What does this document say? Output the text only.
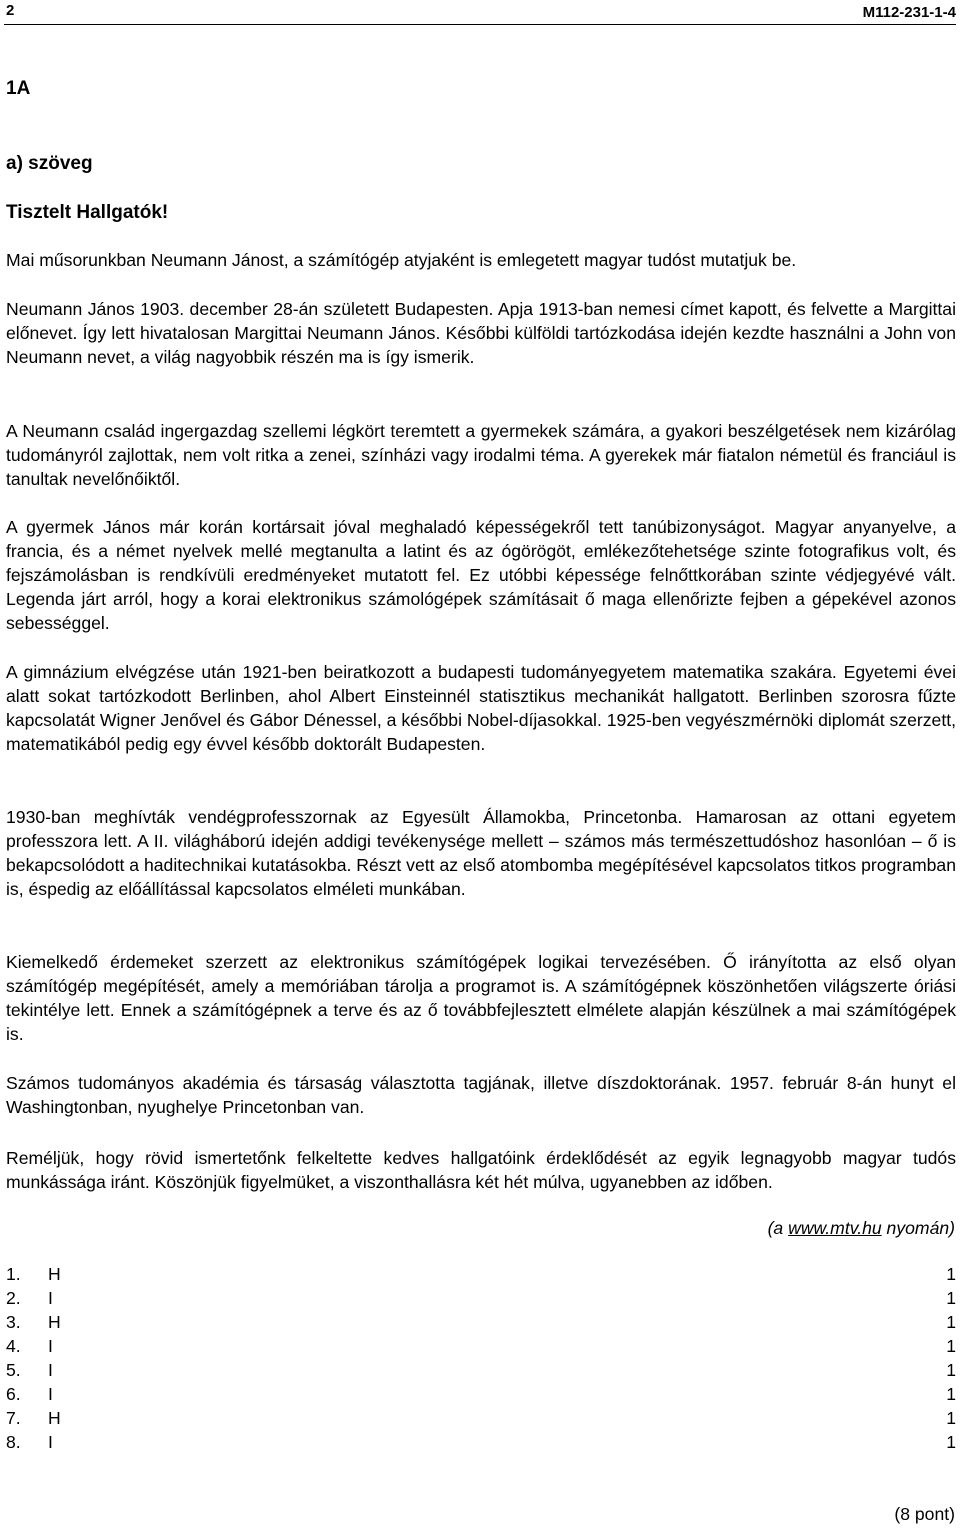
2	M112-231-1-4
1A
a) szöveg
Tisztelt Hallgatók!

Mai műsorunkban Neumann Jánost, a számítógép atyjaként is emlegetett magyar tudóst mutatjuk be.

Neumann János 1903. december 28-án született Budapesten. Apja 1913-ban nemesi címet kapott, és felvette a Margittai előnevet. Így lett hivatalosan Margittai Neumann János. Későbbi külföldi tartózkodása idején kezdte használni a John von Neumann nevet, a világ nagyobbik részén ma is így ismerik.

A Neumann család ingergazdag szellemi légkört teremtett a gyermekek számára, a gyakori beszélgetések nem kizárólag tudományról zajlottak, nem volt ritka a zenei, színházi vagy irodalmi téma. A gyerekek már fiatalon németül és franciául is tanultak nevelőnőiktől.

A gyermek János már korán kortársait jóval meghaladó képességekről tett tanúbizonyságot. Magyar anyanyelve, a francia, és a német nyelvek mellé megtanulta a latint és az ógörögöt, emlékezőtehetsége szinte fotografikus volt, és fejszámolásban is rendkívüli eredményeket mutatott fel. Ez utóbbi képessége felnőttkorában szinte védjegyévé vált. Legenda járt arról, hogy a korai elektronikus számológépek számításait ő maga ellenőrizte fejben a gépekével azonos sebességgel.

A gimnázium elvégzése után 1921-ben beiratkozott a budapesti tudományegyetem matematika szakára. Egyetemi évei alatt sokat tartózkodott Berlinben, ahol Albert Einsteinnél statisztikus mechanikát hallgatott. Berlinben szorosra fűzte kapcsolatát Wigner Jenővel és Gábor Dénessel, a későbbi Nobel-díjasokkal. 1925-ben vegyészmérnöki diplomát szerzett, matematikából pedig egy évvel később doktorált Budapesten.

1930-ban meghívták vendégprofesszornak az Egyesült Államokba, Princetonba. Hamarosan az ottani egyetem professzora lett. A II. világháború idején addigi tevékenysége mellett – számos más természettudóshoz hasonlóan – ő is bekapcsolódott a haditechnikai kutatásokba. Részt vett az első atombomba megépítésével kapcsolatos titkos programban is, éspedig az előállítással kapcsolatos elméleti munkában.

Kiemelkedő érdemeket szerzett az elektronikus számítógépek logikai tervezésében. Ő irányította az első olyan számítógép megépítését, amely a memóriában tárolja a programot is. A számítógépnek köszönhetően világszerte óriási tekintélye lett. Ennek a számítógépnek a terve és az ő továbbfejlesztett elmélete alapján készülnek a mai számítógépek is.

Számos tudományos akadémia és társaság választotta tagjának, illetve díszdoktorának. 1957. február 8-án hunyt el Washingtonban, nyughelye Princetonban van.

Reméljük, hogy rövid ismertetőnk felkeltette kedves hallgatóink érdeklődését az egyik legnagyobb magyar tudós munkássága iránt. Köszönjük figyelmüket, a viszonthallásra két hét múlva, ugyanebben az időben.

(a www.mtv.hu nyomán)
1. H	1
2. I	1
3. H	1
4. I	1
5. I	1
6. I	1
7. H	1
8. I	1
(8 pont)
